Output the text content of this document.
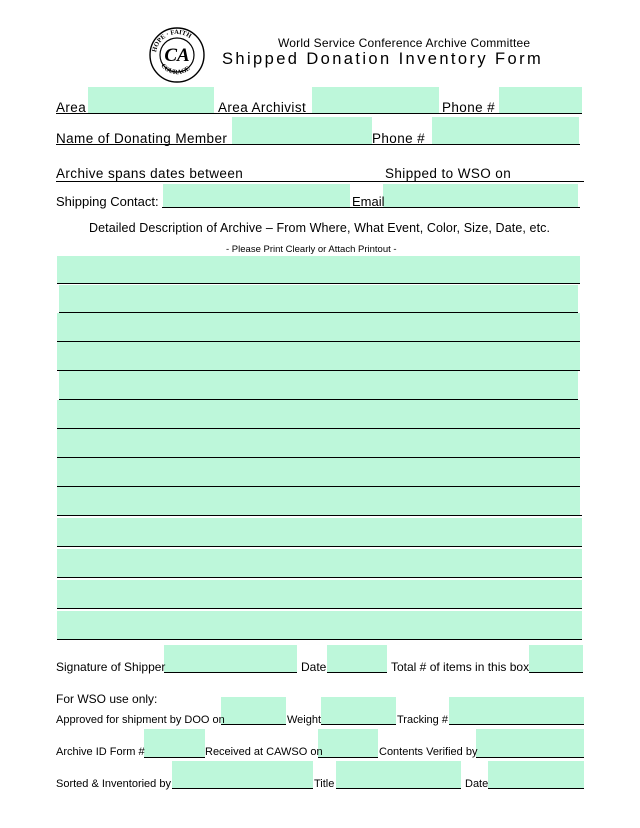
HOPE · FAITH
COURAGE
CA
World Service Conference Archive Committee
Shipped Donation Inventory Form
Area	Area Archivist	Phone #
Name of Donating Member	Phone #
Archive spans dates between	Shipped to WSO on
Shipping Contact:	Email
Detailed Description of Archive – From Where, What Event, Color, Size, Date, etc.
- Please Print Clearly or Attach Printout -
Signature of Shipper	Date	Total # of items in this box
For WSO use only:
Approved for shipment by DOO on	Weight	Tracking #
Archive ID Form #	Received at CAWSO on	Contents Verified by
Sorted & Inventoried by	Title	Date
